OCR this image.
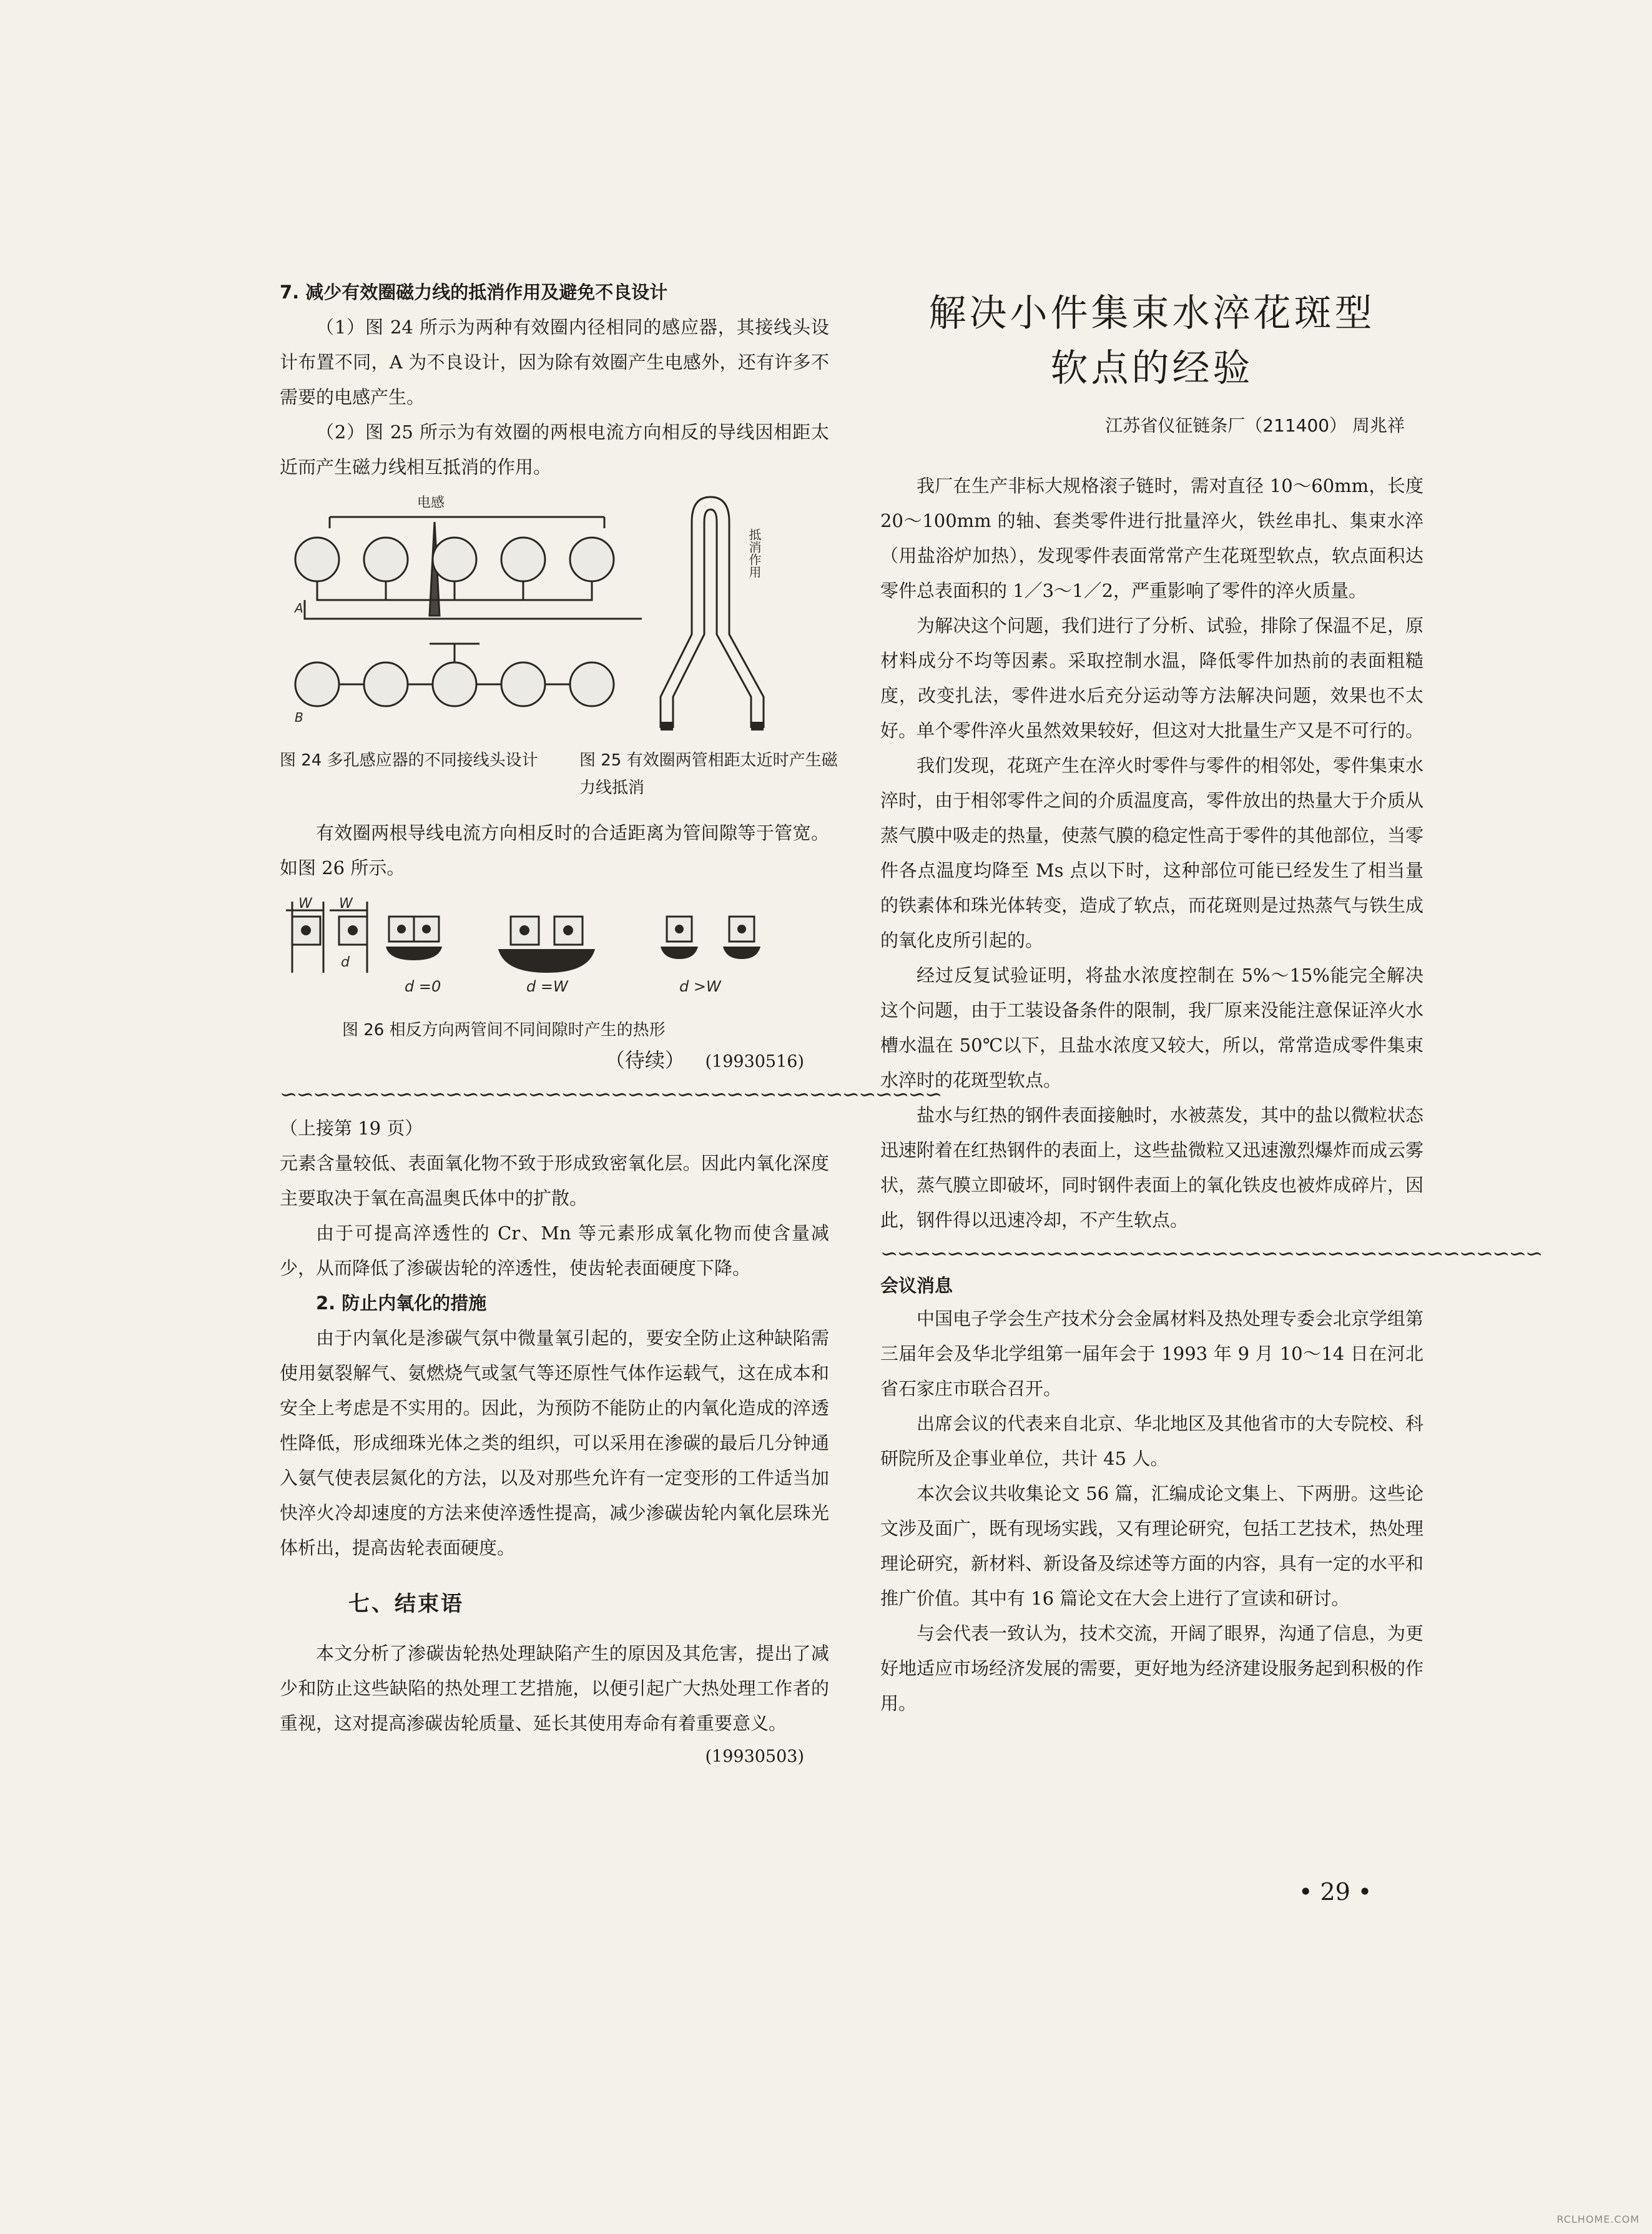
7. 减少有效圈磁力线的抵消作用及避免不良设计

（1）图 24 所示为两种有效圈内径相同的感应器，其接线头设计布置不同，A 为不良设计，因为除有效圈产生电感外，还有许多不需要的电感产生。

（2）图 25 所示为有效圈的两根电流方向相反的导线因相距太近而产生磁力线相互抵消的作用。

电感
A
B
抵消作用
图 24 多孔感应器的不同接线头设计	图 25 有效圈两管相距太近时产生磁力线抵消

有效圈两根导线电流方向相反时的合适距离为管间隙等于管宽。如图 26 所示。

W W
d
d =0	d =W	d >W
图 26 相反方向两管间不同间隙时产生的热形
（待续） (19930516)
∽∽∽∽∽∽∽∽∽∽∽∽∽∽∽∽∽∽∽∽∽∽∽∽∽∽∽∽∽∽∽∽∽∽∽∽∽∽∽∽

（上接第 19 页）

元素含量较低、表面氧化物不致于形成致密氧化层。因此内氧化深度主要取决于氧在高温奥氏体中的扩散。

由于可提高淬透性的 Cr、Mn 等元素形成氧化物而使含量减少，从而降低了渗碳齿轮的淬透性，使齿轮表面硬度下降。

2. 防止内氧化的措施

由于内氧化是渗碳气氛中微量氧引起的，要安全防止这种缺陷需使用氨裂解气、氨燃烧气或氢气等还原性气体作运载气，这在成本和安全上考虑是不实用的。因此，为预防不能防止的内氧化造成的淬透性降低，形成细珠光体之类的组织，可以采用在渗碳的最后几分钟通入氨气使表层氮化的方法，以及对那些允许有一定变形的工件适当加快淬火冷却速度的方法来使淬透性提高，减少渗碳齿轮内氧化层珠光体析出，提高齿轮表面硬度。

七、结束语

本文分析了渗碳齿轮热处理缺陷产生的原因及其危害，提出了减少和防止这些缺陷的热处理工艺措施，以便引起广大热处理工作者的重视，这对提高渗碳齿轮质量、延长其使用寿命有着重要意义。

(19930503)
解决小件集束水淬花斑型
软点的经验
江苏省仪征链条厂（211400） 周兆祥

我厂在生产非标大规格滚子链时，需对直径 10～60mm，长度 20～100mm 的轴、套类零件进行批量淬火，铁丝串扎、集束水淬（用盐浴炉加热），发现零件表面常常产生花斑型软点，软点面积达零件总表面积的 1／3～1／2，严重影响了零件的淬火质量。

为解决这个问题，我们进行了分析、试验，排除了保温不足，原材料成分不均等因素。采取控制水温，降低零件加热前的表面粗糙度，改变扎法，零件进水后充分运动等方法解决问题，效果也不太好。单个零件淬火虽然效果较好，但这对大批量生产又是不可行的。

我们发现，花斑产生在淬火时零件与零件的相邻处，零件集束水淬时，由于相邻零件之间的介质温度高，零件放出的热量大于介质从蒸气膜中吸走的热量，使蒸气膜的稳定性高于零件的其他部位，当零件各点温度均降至 Ms 点以下时，这种部位可能已经发生了相当量的铁素体和珠光体转变，造成了软点，而花斑则是过热蒸气与铁生成的氧化皮所引起的。

经过反复试验证明，将盐水浓度控制在 5%～15%能完全解决这个问题，由于工装设备条件的限制，我厂原来没能注意保证淬火水槽水温在 50℃以下，且盐水浓度又较大，所以，常常造成零件集束水淬时的花斑型软点。

盐水与红热的钢件表面接触时，水被蒸发，其中的盐以微粒状态迅速附着在红热钢件的表面上，这些盐微粒又迅速激烈爆炸而成云雾状，蒸气膜立即破坏，同时钢件表面上的氧化铁皮也被炸成碎片，因此，钢件得以迅速冷却，不产生软点。

∽∽∽∽∽∽∽∽∽∽∽∽∽∽∽∽∽∽∽∽∽∽∽∽∽∽∽∽∽∽∽∽∽∽∽∽∽∽∽∽
会议消息

中国电子学会生产技术分会金属材料及热处理专委会北京学组第三届年会及华北学组第一届年会于 1993 年 9 月 10～14 日在河北省石家庄市联合召开。

出席会议的代表来自北京、华北地区及其他省市的大专院校、科研院所及企事业单位，共计 45 人。

本次会议共收集论文 56 篇，汇编成论文集上、下两册。这些论文涉及面广，既有现场实践，又有理论研究，包括工艺技术，热处理理论研究，新材料、新设备及综述等方面的内容，具有一定的水平和推广价值。其中有 16 篇论文在大会上进行了宣读和研讨。

与会代表一致认为，技术交流，开阔了眼界，沟通了信息，为更好地适应市场经济发展的需要，更好地为经济建设服务起到积极的作用。

• 29 •
RCLHOME.COM
